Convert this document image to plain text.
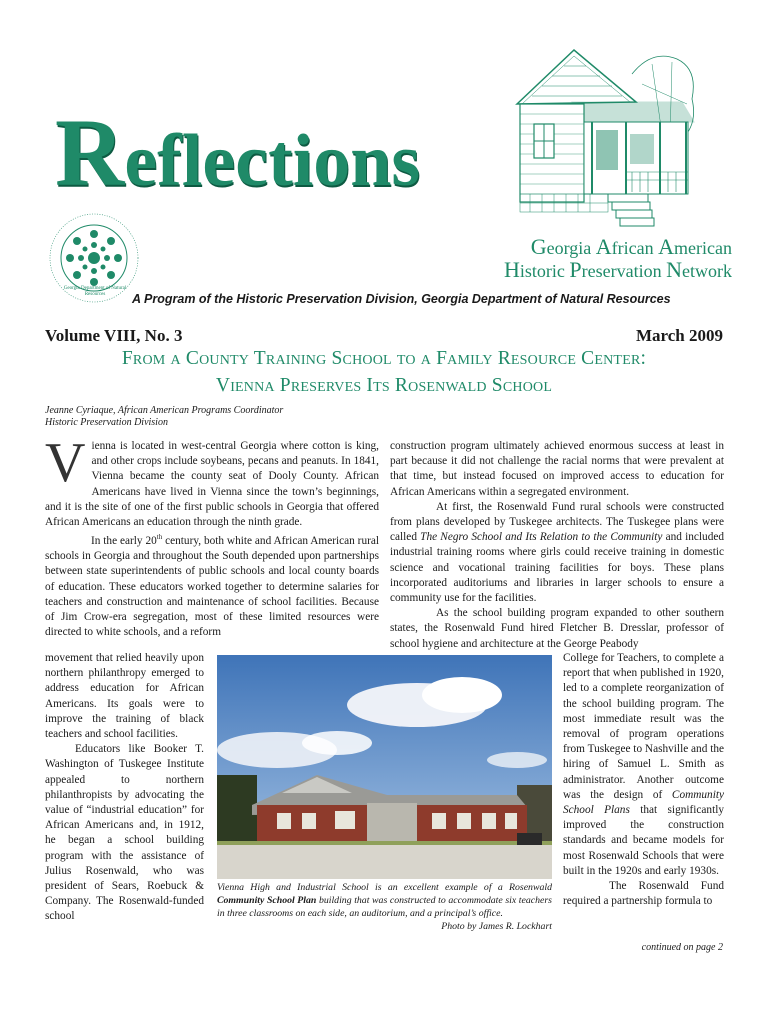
Reflections
Georgia Department of Natural Resources
Georgia African American
Historic Preservation Network
A Program of the Historic Preservation Division, Georgia Department of Natural Resources
Volume VIII, No. 3	March 2009
From a County Training School to a Family Resource Center:
Vienna Preserves Its Rosenwald School
Jeanne Cyriaque, African American Programs Coordinator
Historic Preservation Division

Vienna is located in west-central Georgia where cotton is king, and other crops include soybeans, pecans and peanuts. In 1841, Vienna became the county seat of Dooly County. African Americans have lived in Vienna since the town’s beginnings, and it is the site of one of the first public schools in Georgia that offered African Americans an education through the ninth grade.

In the early 20th century, both white and African American rural schools in Georgia and throughout the South depended upon partnerships between state superintendents of public schools and local county boards of education. These educators worked together to determine salaries for teachers and construction and maintenance of school facilities. Because of Jim Crow-era segregation, most of these limited resources were directed to white schools, and a reform

movement that relied heavily upon northern philanthropy emerged to address education for African Americans. Its goals were to improve the training of black teachers and school facilities.

Educators like Booker T. Washington of Tuskegee Institute appealed to northern philanthropists by advocating the value of “industrial education” for African Americans and, in 1912, he began a school building program with the assistance of Julius Rosenwald, who was president of Sears, Roebuck & Company. The Rosenwald-funded school

construction program ultimately achieved enormous success at least in part because it did not challenge the racial norms that were prevalent at that time, but instead focused on improved access to education for African Americans within a segregated environment.

At first, the Rosenwald Fund rural schools were constructed from plans developed by Tuskegee architects. The Tuskegee plans were called The Negro School and Its Relation to the Community and included industrial training rooms where girls could receive training in domestic science and vocational training facilities for boys. These plans incorporated auditoriums and libraries in larger schools to ensure a community use for the facilities.

As the school building program expanded to other southern states, the Rosenwald Fund hired Fletcher B. Dresslar, professor of school hygiene and architecture at the George Peabody

College for Teachers, to complete a report that when published in 1920, led to a complete reorganization of the school building program. The most immediate result was the removal of program operations from Tuskegee to Nashville and the hiring of Samuel L. Smith as administrator. Another outcome was the design of Community School Plans that significantly improved the construction standards and became models for most Rosenwald Schools that were built in the 1920s and early 1930s.

The Rosenwald Fund required a partnership formula to

Vienna High and Industrial School is an excellent example of a Rosenwald Community School Plan building that was constructed to accommodate six teachers in three classrooms on each side, an auditorium, and a principal’s office.
Photo by James R. Lockhart
continued on page 2
